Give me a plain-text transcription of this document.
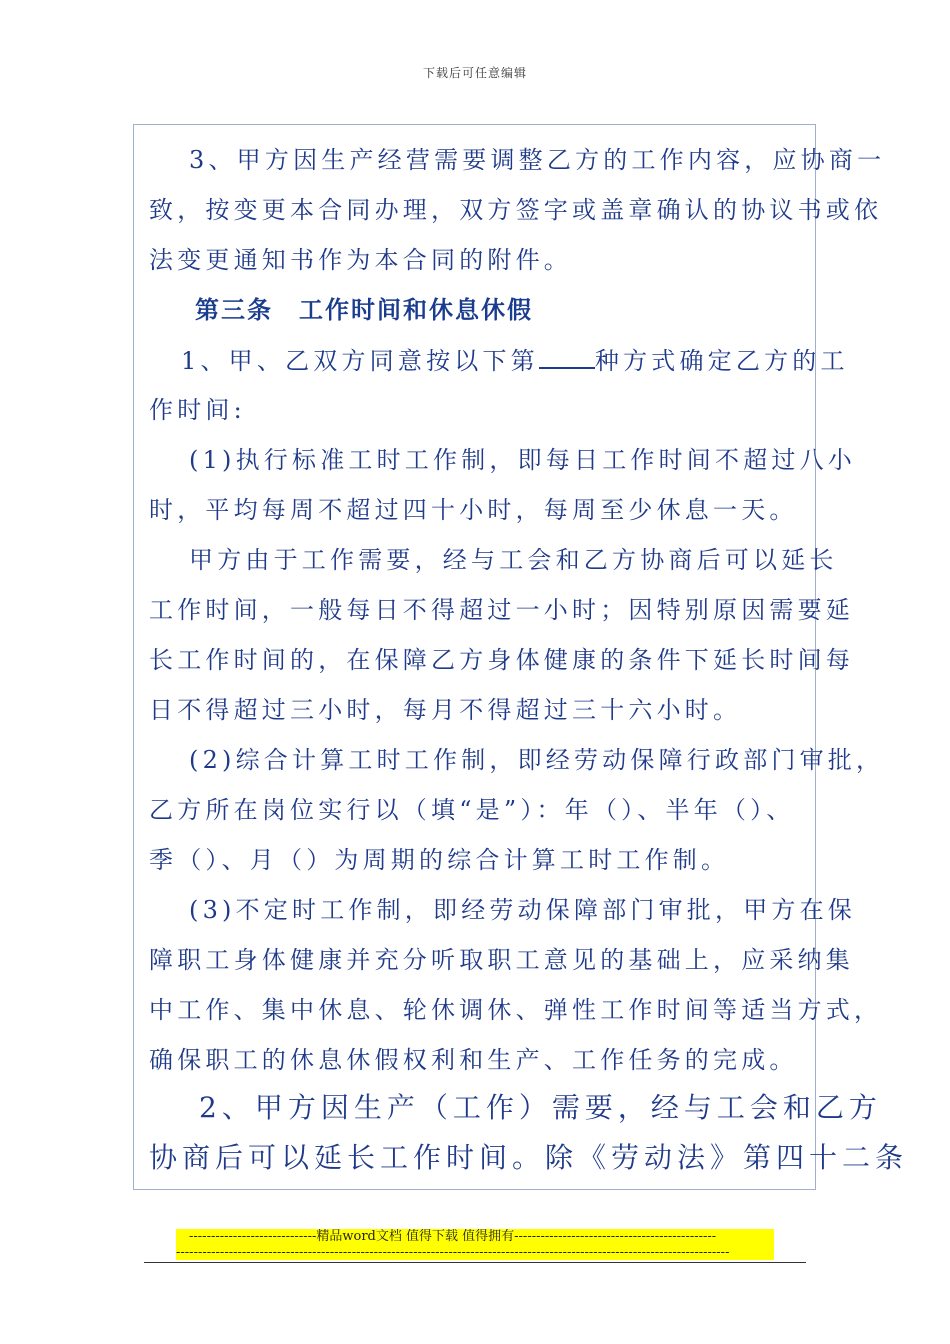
下载后可任意编辑
3、甲方因生产经营需要调整乙方的工作内容，应协商一
致，按变更本合同办理，双方签字或盖章确认的协议书或依
法变更通知书作为本合同的附件。
第三条　工作时间和休息休假
1、甲、乙双方同意按以下第 种方式确定乙方的工
作时间:
(1)执行标准工时工作制，即每日工作时间不超过八小
时，平均每周不超过四十小时，每周至少休息一天。
甲方由于工作需要，经与工会和乙方协商后可以延长
工作时间，一般每日不得超过一小时；因特别原因需要延
长工作时间的，在保障乙方身体健康的条件下延长时间每
日不得超过三小时，每月不得超过三十六小时。
(2)综合计算工时工作制，即经劳动保障行政部门审批，
乙方所在岗位实行以（填“是”）：年（）、半年（）、
季（）、月（）为周期的综合计算工时工作制。
(3)不定时工作制，即经劳动保障部门审批，甲方在保
障职工身体健康并充分听取职工意见的基础上，应采纳集
中工作、集中休息、轮休调休、弹性工作时间等适当方式，
确保职工的休息休假权利和生产、工作任务的完成。
2、甲方因生产（工作）需要，经与工会和乙方
协商后可以延长工作时间。除《劳动法》第四十二条
-----------------------------精品word文档 值得下载 值得拥有----------------------------------------------
------------------------------------------------------------------------------------------------------------------------------
